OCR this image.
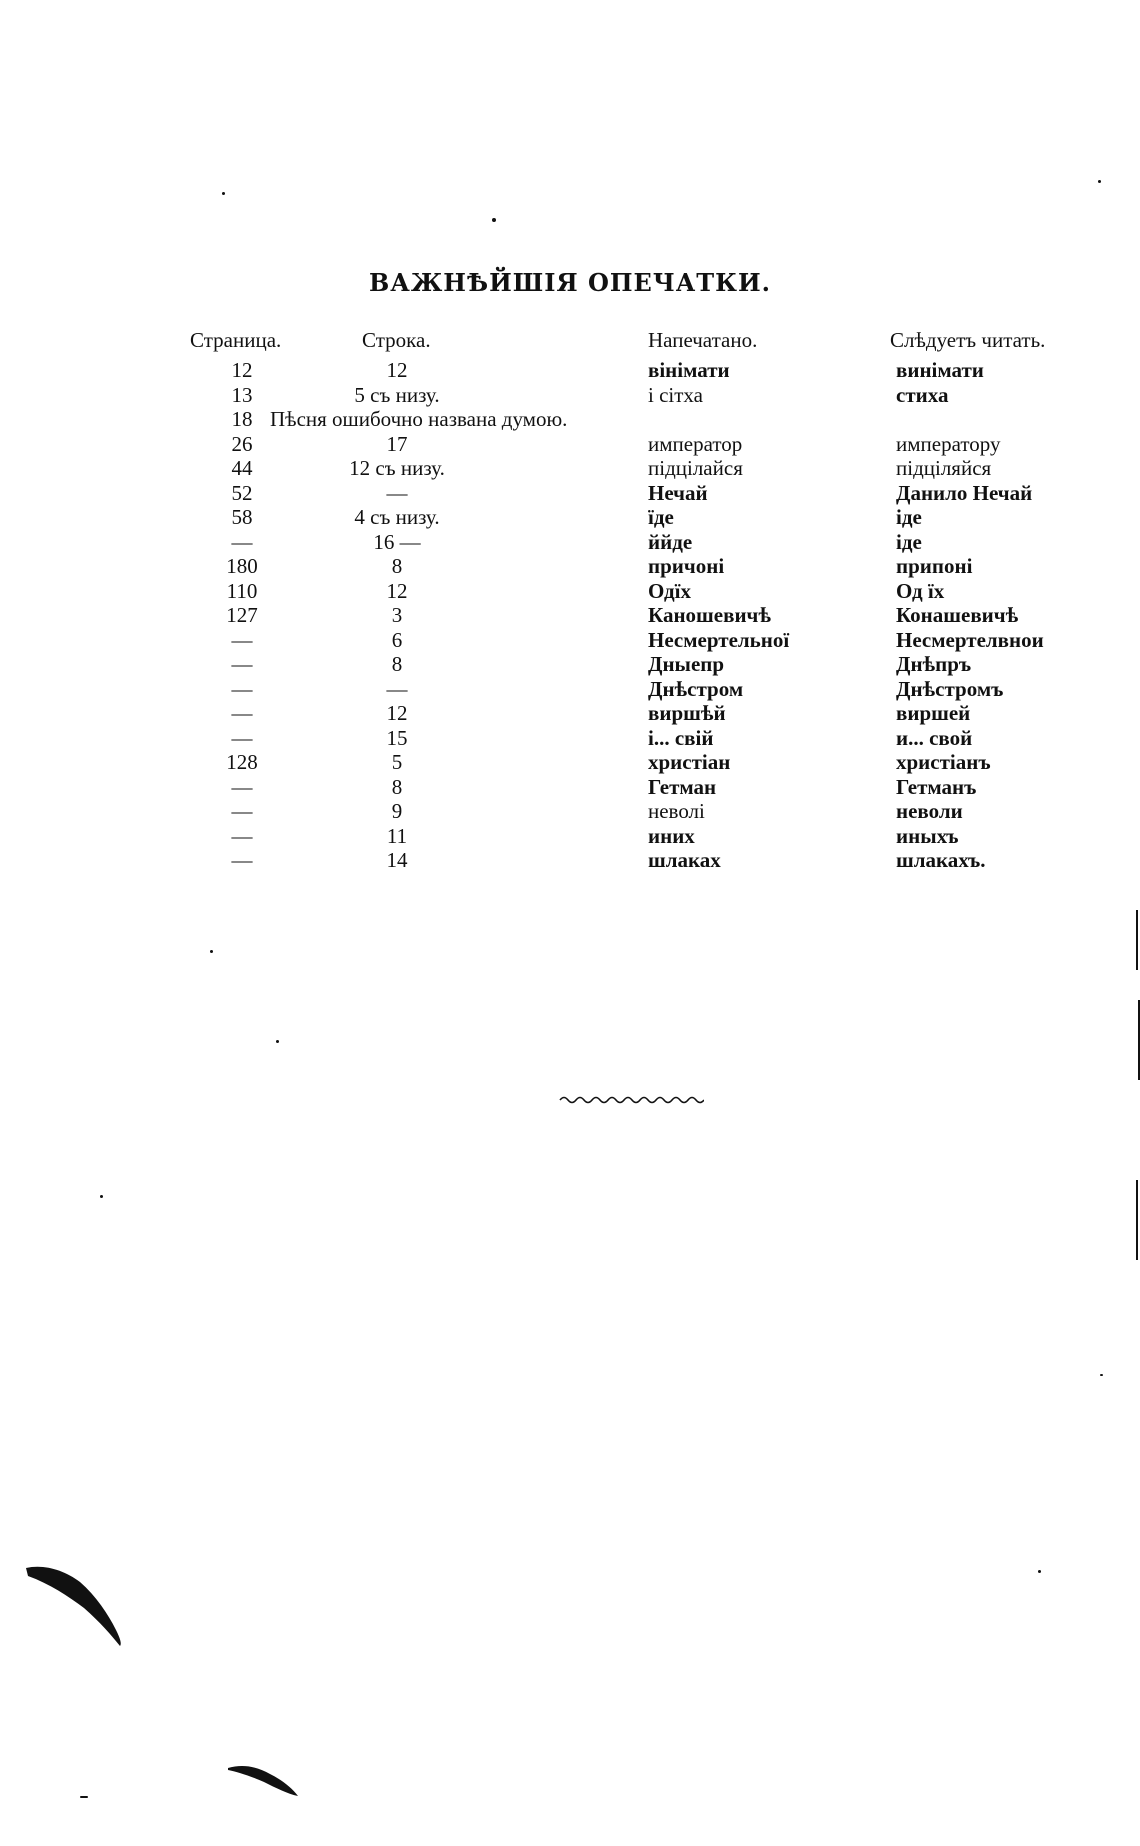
ВАЖНѢЙШІЯ ОПЕЧАТКИ.
Страница.	Строка.	Напечатано.	Слѣдуетъ читать.
12	12	вінімати	винімати
13	5 съ низу.	і сітха	стиха
18 Пѣсня ошибочно названа думою.
26	17	император	императору
44	12 съ низу.	підцілайся	підціляйся
52	—	Нечай	Данило Нечай
58	4 съ низу.	їде	іде
—	16 —	ййде	іде
180	8	причоні	припоні
110	12	Одїх	Од їх
127	3	Каношевичѣ	Конашевичѣ
—	6	Несмертельної	Несмертелвнои
—	8	Дныепр	Днѣпръ
—	—	Днѣстром	Днѣстромъ
—	12	виршѣй	виршей
—	15	і... свій	и... свой
128	5	христіан	христіанъ
—	8	Гетман	Гетманъ
—	9	неволі	неволи
—	11	иних	иныхъ
—	14	шлаках	шлакахъ.
